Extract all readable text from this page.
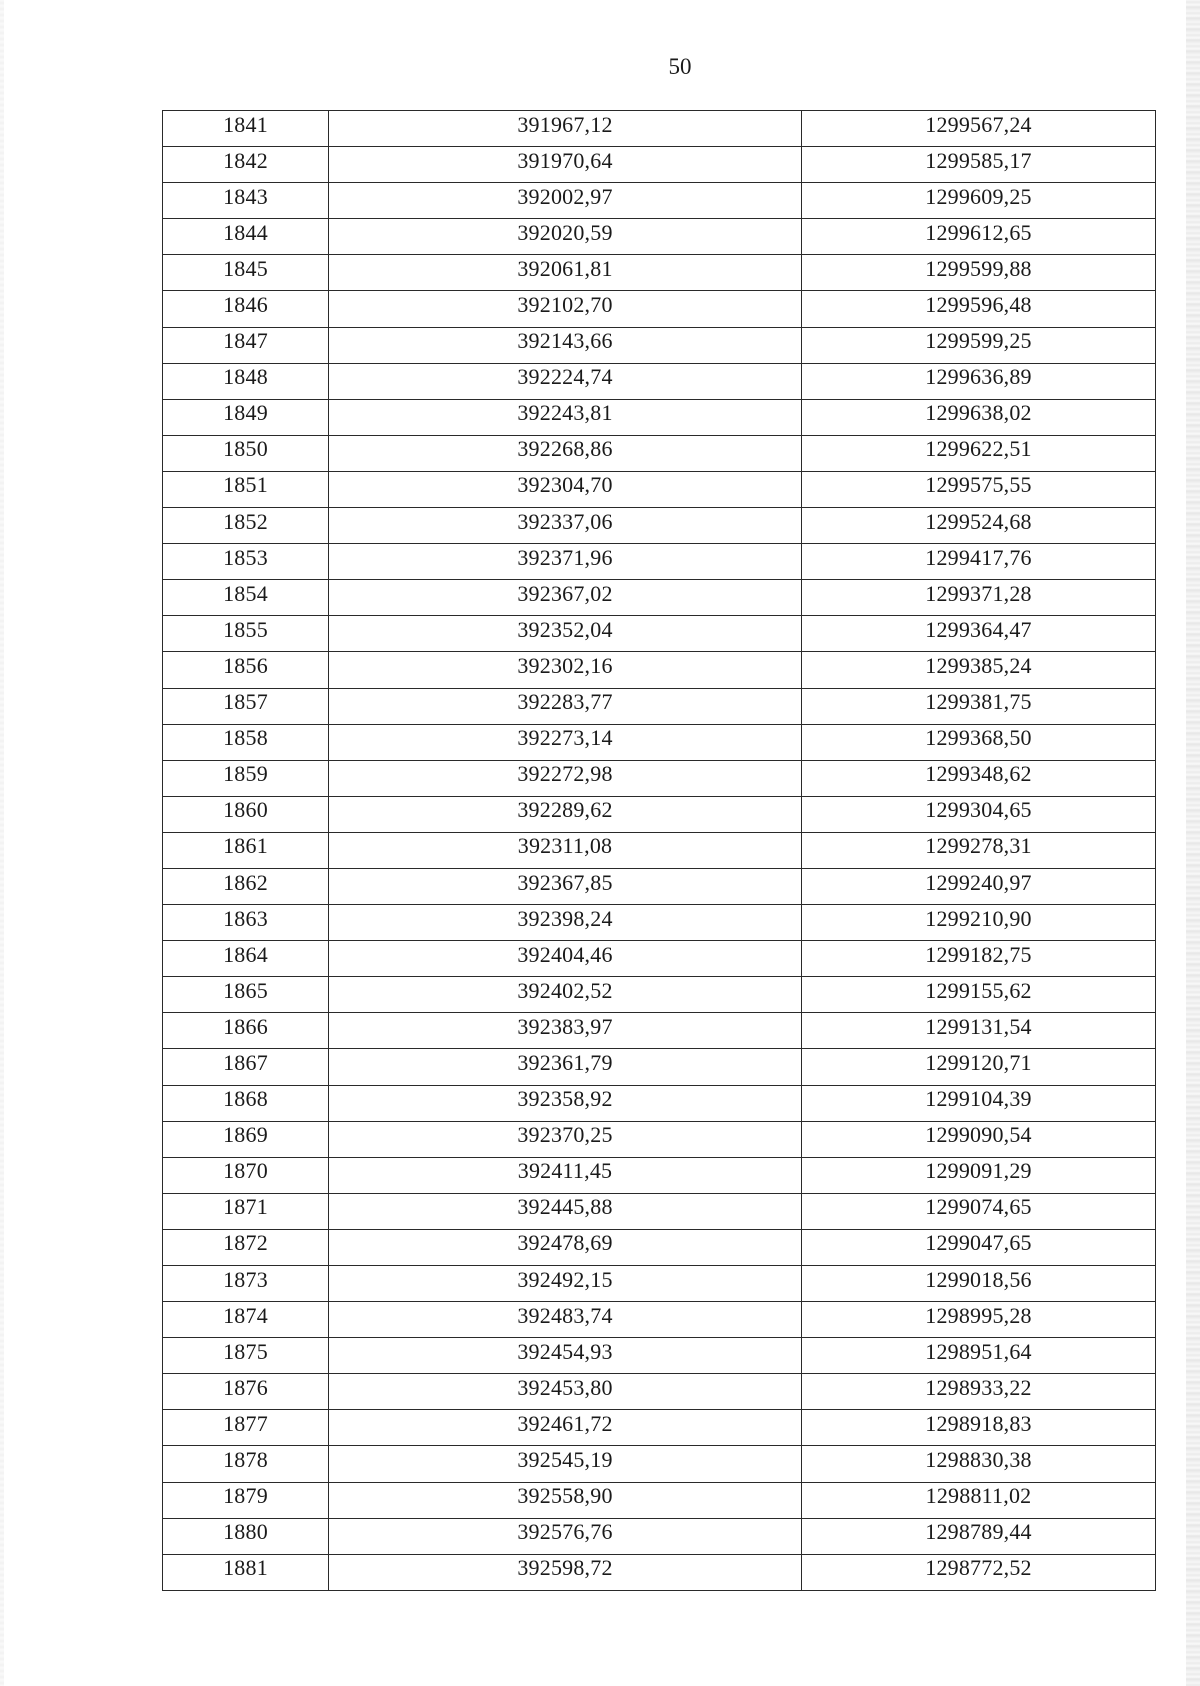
50
1841	391967,12	1299567,24
1842	391970,64	1299585,17
1843	392002,97	1299609,25
1844	392020,59	1299612,65
1845	392061,81	1299599,88
1846	392102,70	1299596,48
1847	392143,66	1299599,25
1848	392224,74	1299636,89
1849	392243,81	1299638,02
1850	392268,86	1299622,51
1851	392304,70	1299575,55
1852	392337,06	1299524,68
1853	392371,96	1299417,76
1854	392367,02	1299371,28
1855	392352,04	1299364,47
1856	392302,16	1299385,24
1857	392283,77	1299381,75
1858	392273,14	1299368,50
1859	392272,98	1299348,62
1860	392289,62	1299304,65
1861	392311,08	1299278,31
1862	392367,85	1299240,97
1863	392398,24	1299210,90
1864	392404,46	1299182,75
1865	392402,52	1299155,62
1866	392383,97	1299131,54
1867	392361,79	1299120,71
1868	392358,92	1299104,39
1869	392370,25	1299090,54
1870	392411,45	1299091,29
1871	392445,88	1299074,65
1872	392478,69	1299047,65
1873	392492,15	1299018,56
1874	392483,74	1298995,28
1875	392454,93	1298951,64
1876	392453,80	1298933,22
1877	392461,72	1298918,83
1878	392545,19	1298830,38
1879	392558,90	1298811,02
1880	392576,76	1298789,44
1881	392598,72	1298772,52
